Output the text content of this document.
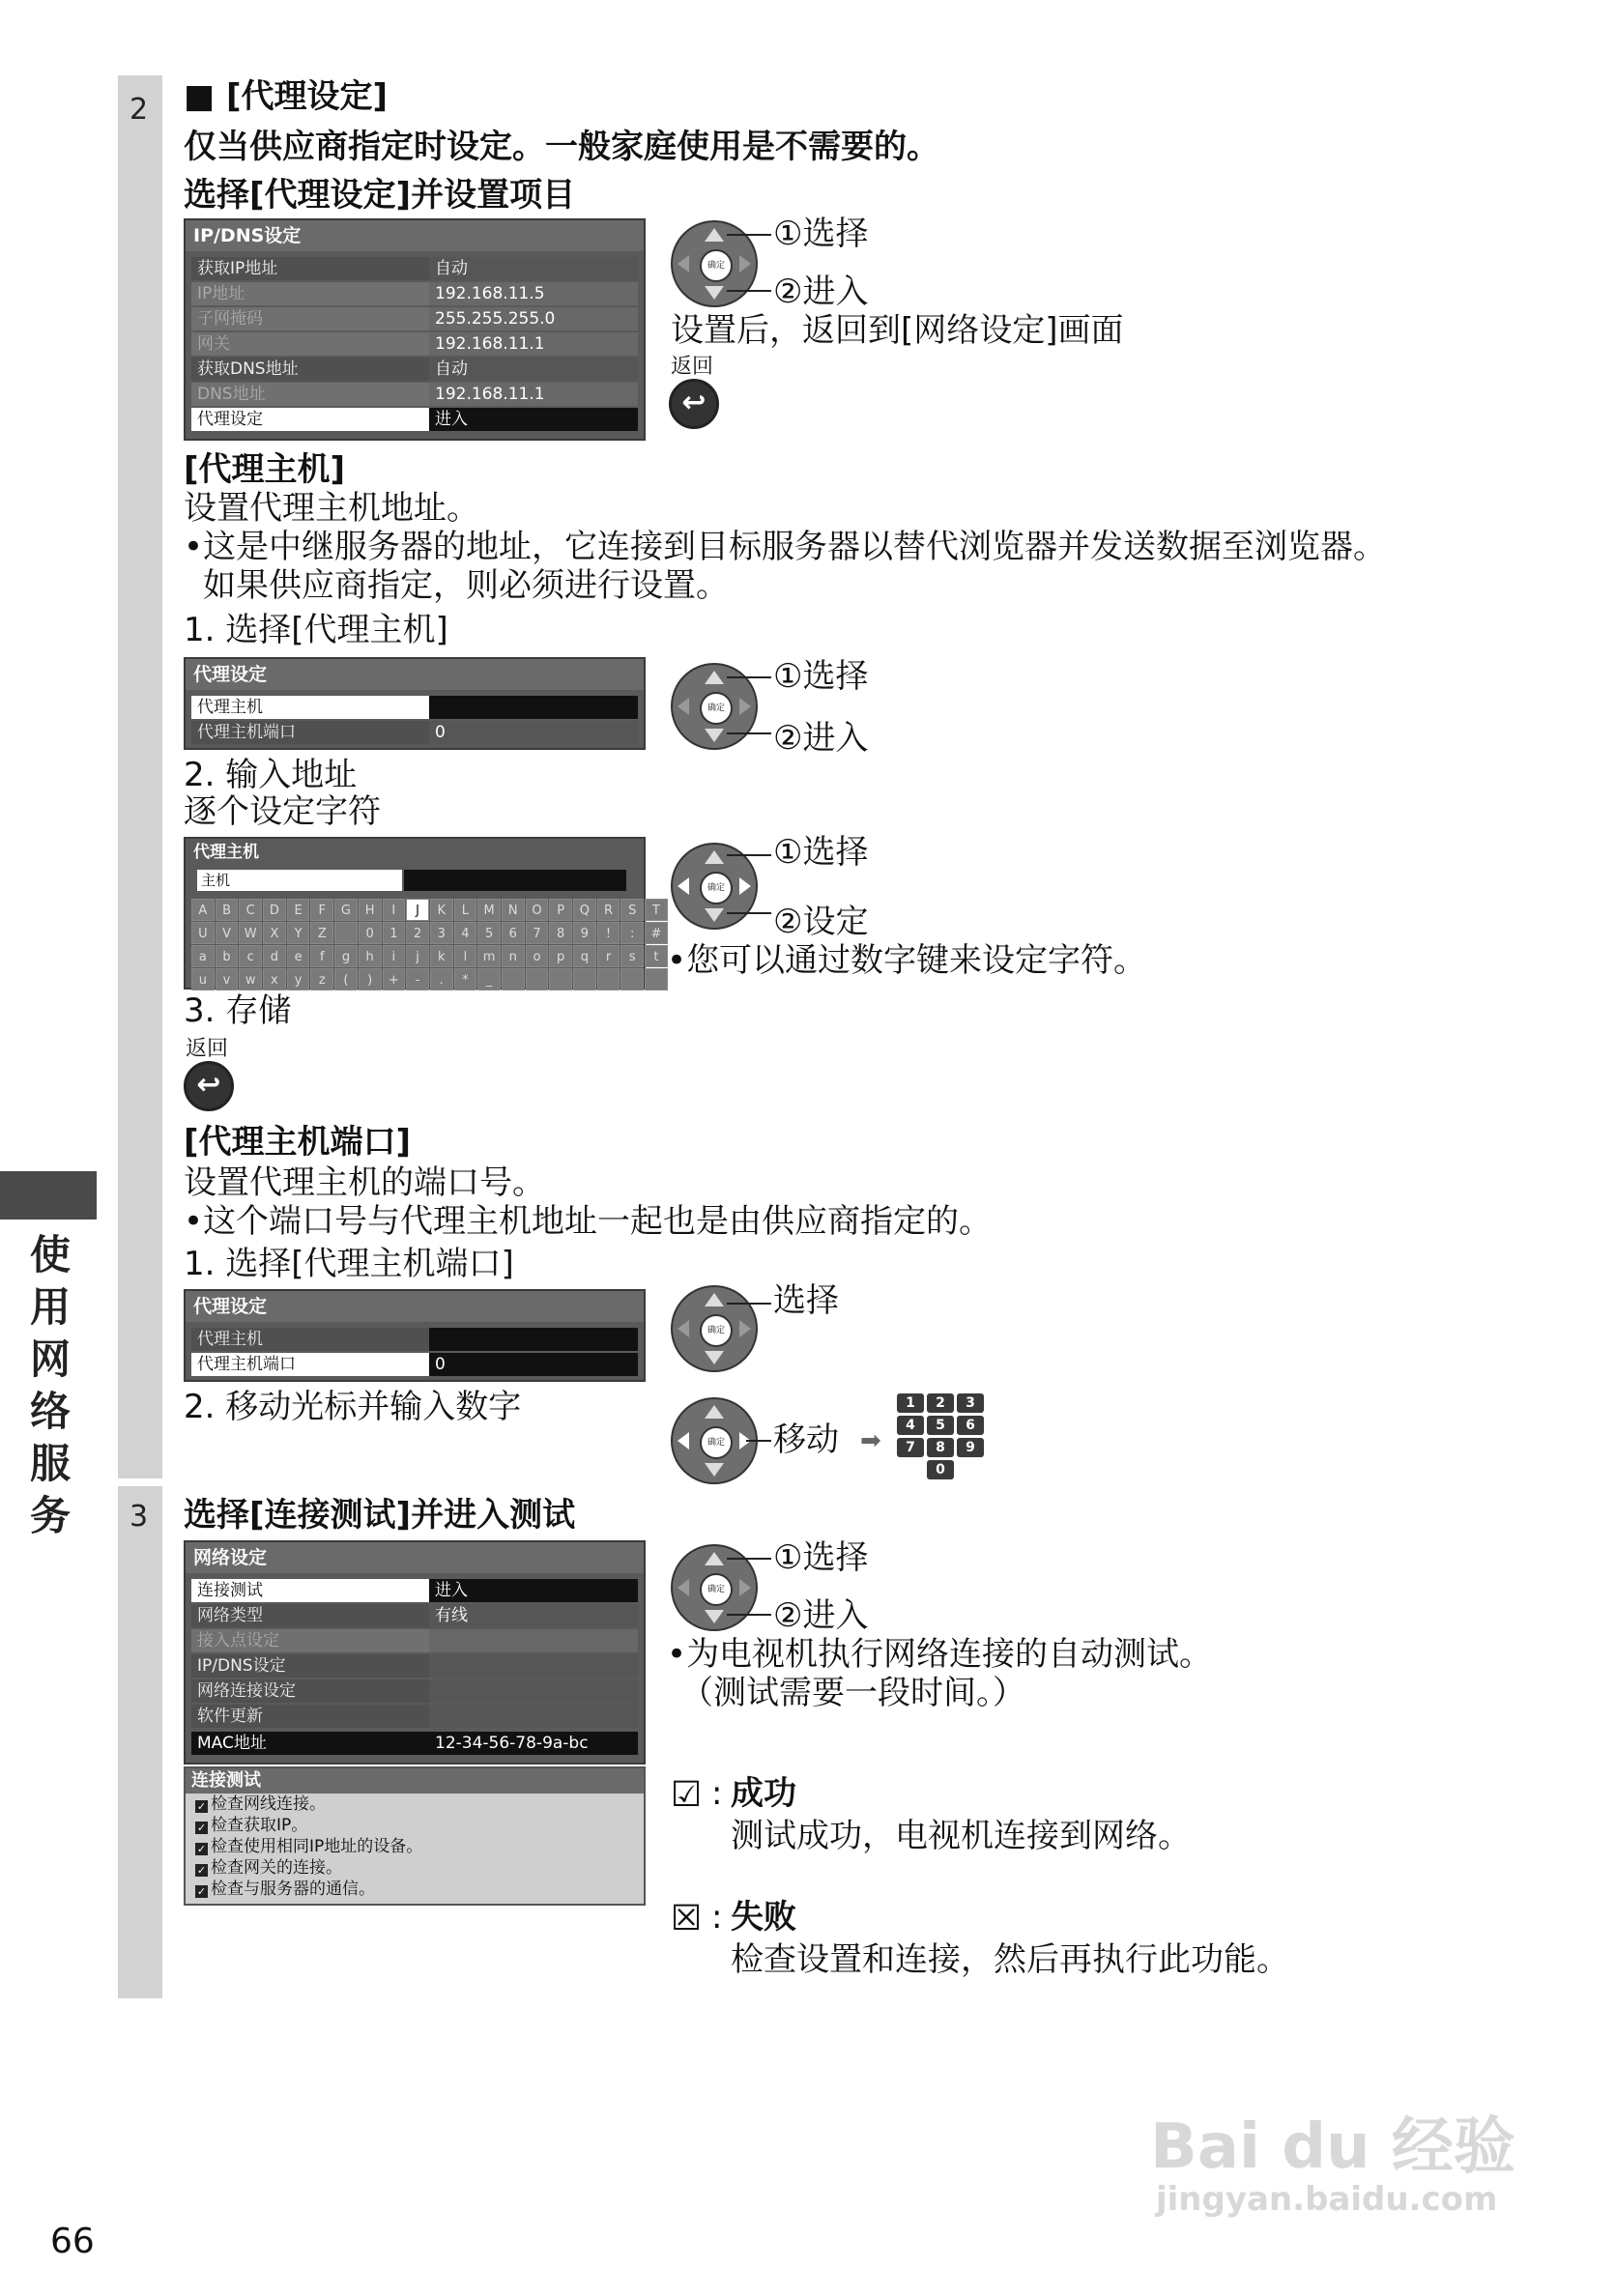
2
3
使用网络服务
■ [代理设定]
仅当供应商指定时设定。一般家庭使用是不需要的。
选择[代理设定]并设置项目
IP/DNS设定
获取IP地址	自动
IP地址	192.168.11.5
子网掩码	255.255.255.0
网关	192.168.11.1
获取DNS地址	自动
DNS地址	192.168.11.1
代理设定	进入
确定
①选择
②进入
设置后，返回到[网络设定]画面
返回
↩
[代理主机]
设置代理主机地址。
•这是中继服务器的地址，它连接到目标服务器以替代浏览器并发送数据至浏览器。
如果供应商指定，则必须进行设置。
1. 选择[代理主机]
代理设定
代理主机
代理主机端口	0
确定
①选择
②进入
2. 输入地址
逐个设定字符
代理主机
主机
A	B	C	D	E	F	G	H	I	J	K	L	M	N	O	P	Q	R	S	T
U	V	W	X	Y	Z	0	1	2	3	4	5	6	7	8	9	!	:	#
a	b	c	d	e	f	g	h	i	j	k	l	m	n	o	p	q	r	s	t
u	v	w	x	y	z	(	)	+	-	.	*	_
确定
①选择
②设定
•您可以通过数字键来设定字符。
3. 存储
返回
↩
[代理主机端口]
设置代理主机的端口号。
•这个端口号与代理主机地址一起也是由供应商指定的。
1. 选择[代理主机端口]
代理设定
代理主机
代理主机端口	0
确定
选择
2. 移动光标并输入数字
确定 移动 ➡
1	2	3
4	5	6
7	8	9
0
选择[连接测试]并进入测试
网络设定
连接测试	进入
网络类型	有线
接入点设定
IP/DNS设定
网络连接设定
软件更新
MAC地址	12-34-56-78-9a-bc
连接测试
✓ 检查网线连接。
✓ 检查获取IP。
✓ 检查使用相同IP地址的设备。
✓ 检查网关的连接。
✓ 检查与服务器的通信。
确定
①选择
②进入
•为电视机执行网络连接的自动测试。
（测试需要一段时间。）
☑ : 成功
测试成功，电视机连接到网络。
☒ : 失败
检查设置和连接，然后再执行此功能。
66
Bai du 经验
jingyan.baidu.com
